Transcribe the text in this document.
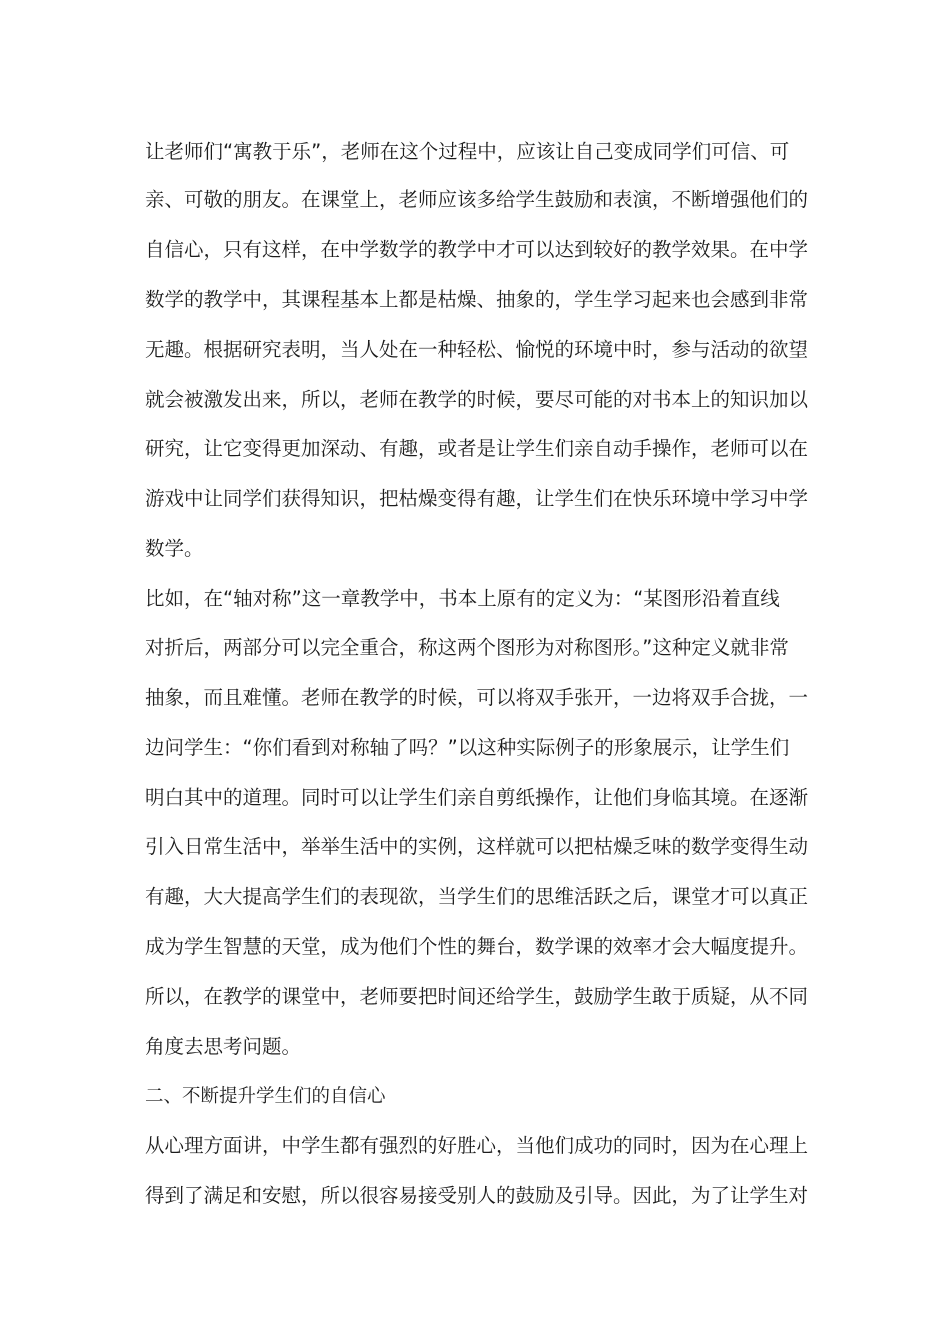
让老师们“寓教于乐”，老师在这个过程中，应该让自己变成同学们可信、可
亲、可敬的朋友。在课堂上，老师应该多给学生鼓励和表演，不断增强他们的
自信心，只有这样，在中学数学的教学中才可以达到较好的教学效果。在中学
数学的教学中，其课程基本上都是枯燥、抽象的，学生学习起来也会感到非常
无趣。根据研究表明，当人处在一种轻松、愉悦的环境中时，参与活动的欲望
就会被激发出来，所以，老师在教学的时候，要尽可能的对书本上的知识加以
研究，让它变得更加深动、有趣，或者是让学生们亲自动手操作，老师可以在
游戏中让同学们获得知识，把枯燥变得有趣，让学生们在快乐环境中学习中学
数学。
比如，在“轴对称”这一章教学中，书本上原有的定义为：“某图形沿着直线
对折后，两部分可以完全重合，称这两个图形为对称图形。”这种定义就非常
抽象，而且难懂。老师在教学的时候，可以将双手张开，一边将双手合拢，一
边问学生：“你们看到对称轴了吗？”以这种实际例子的形象展示，让学生们
明白其中的道理。同时可以让学生们亲自剪纸操作，让他们身临其境。在逐渐
引入日常生活中，举举生活中的实例，这样就可以把枯燥乏味的数学变得生动
有趣，大大提高学生们的表现欲，当学生们的思维活跃之后，课堂才可以真正
成为学生智慧的天堂，成为他们个性的舞台，数学课的效率才会大幅度提升。
所以，在教学的课堂中，老师要把时间还给学生，鼓励学生敢于质疑，从不同
角度去思考问题。
二、不断提升学生们的自信心
从心理方面讲，中学生都有强烈的好胜心，当他们成功的同时，因为在心理上
得到了满足和安慰，所以很容易接受别人的鼓励及引导。因此，为了让学生对
